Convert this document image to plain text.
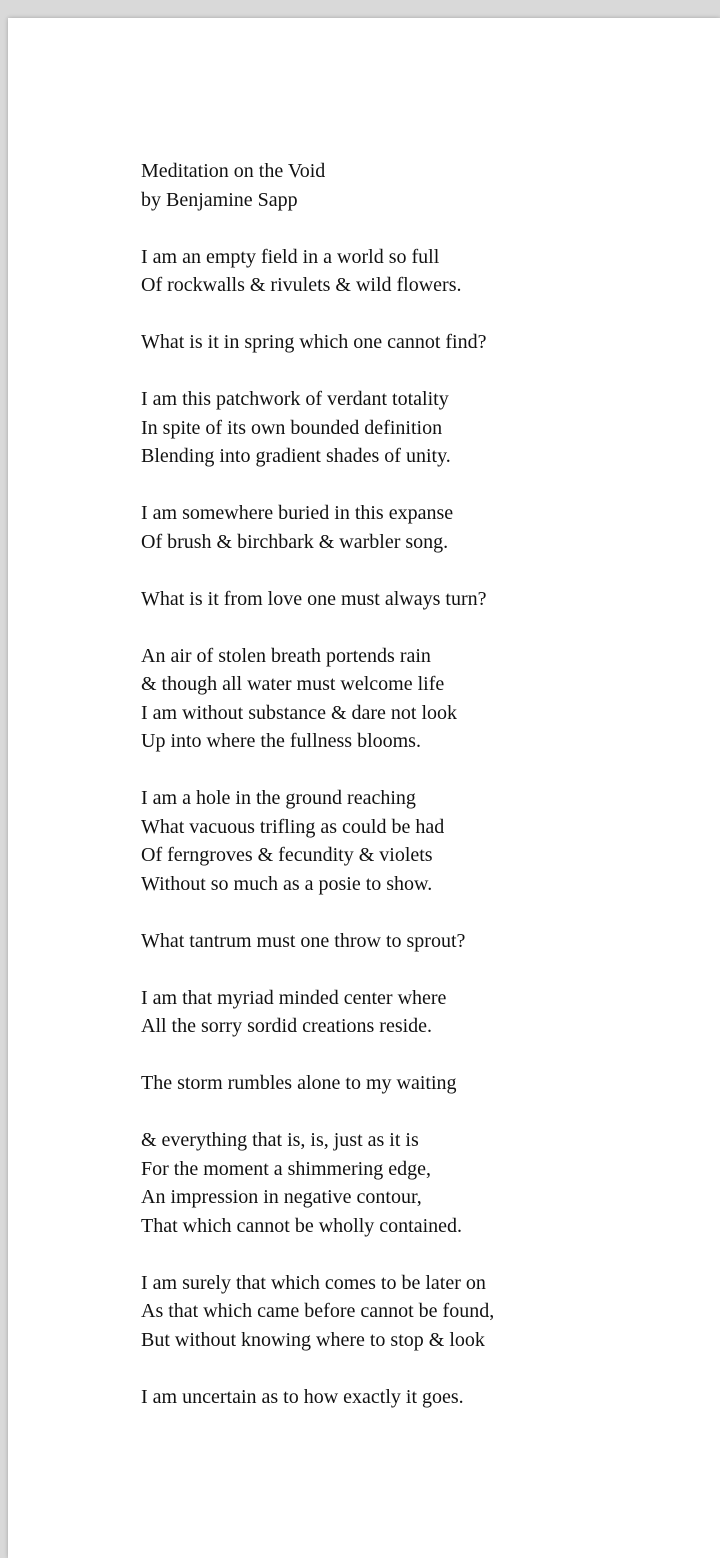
Meditation on the Void
by Benjamine Sapp
I am an empty field in a world so full
Of rockwalls & rivulets & wild flowers.
What is it in spring which one cannot find?
I am this patchwork of verdant totality
In spite of its own bounded definition
Blending into gradient shades of unity.
I am somewhere buried in this expanse
Of brush & birchbark & warbler song.
What is it from love one must always turn?
An air of stolen breath portends rain
& though all water must welcome life
I am without substance & dare not look
Up into where the fullness blooms.
I am a hole in the ground reaching
What vacuous trifling as could be had
Of ferngroves & fecundity & violets
Without so much as a posie to show.
What tantrum must one throw to sprout?
I am that myriad minded center where
All the sorry sordid creations reside.
The storm rumbles alone to my waiting
& everything that is, is, just as it is
For the moment a shimmering edge,
An impression in negative contour,
That which cannot be wholly contained.
I am surely that which comes to be later on
As that which came before cannot be found,
But without knowing where to stop & look
I am uncertain as to how exactly it goes.
